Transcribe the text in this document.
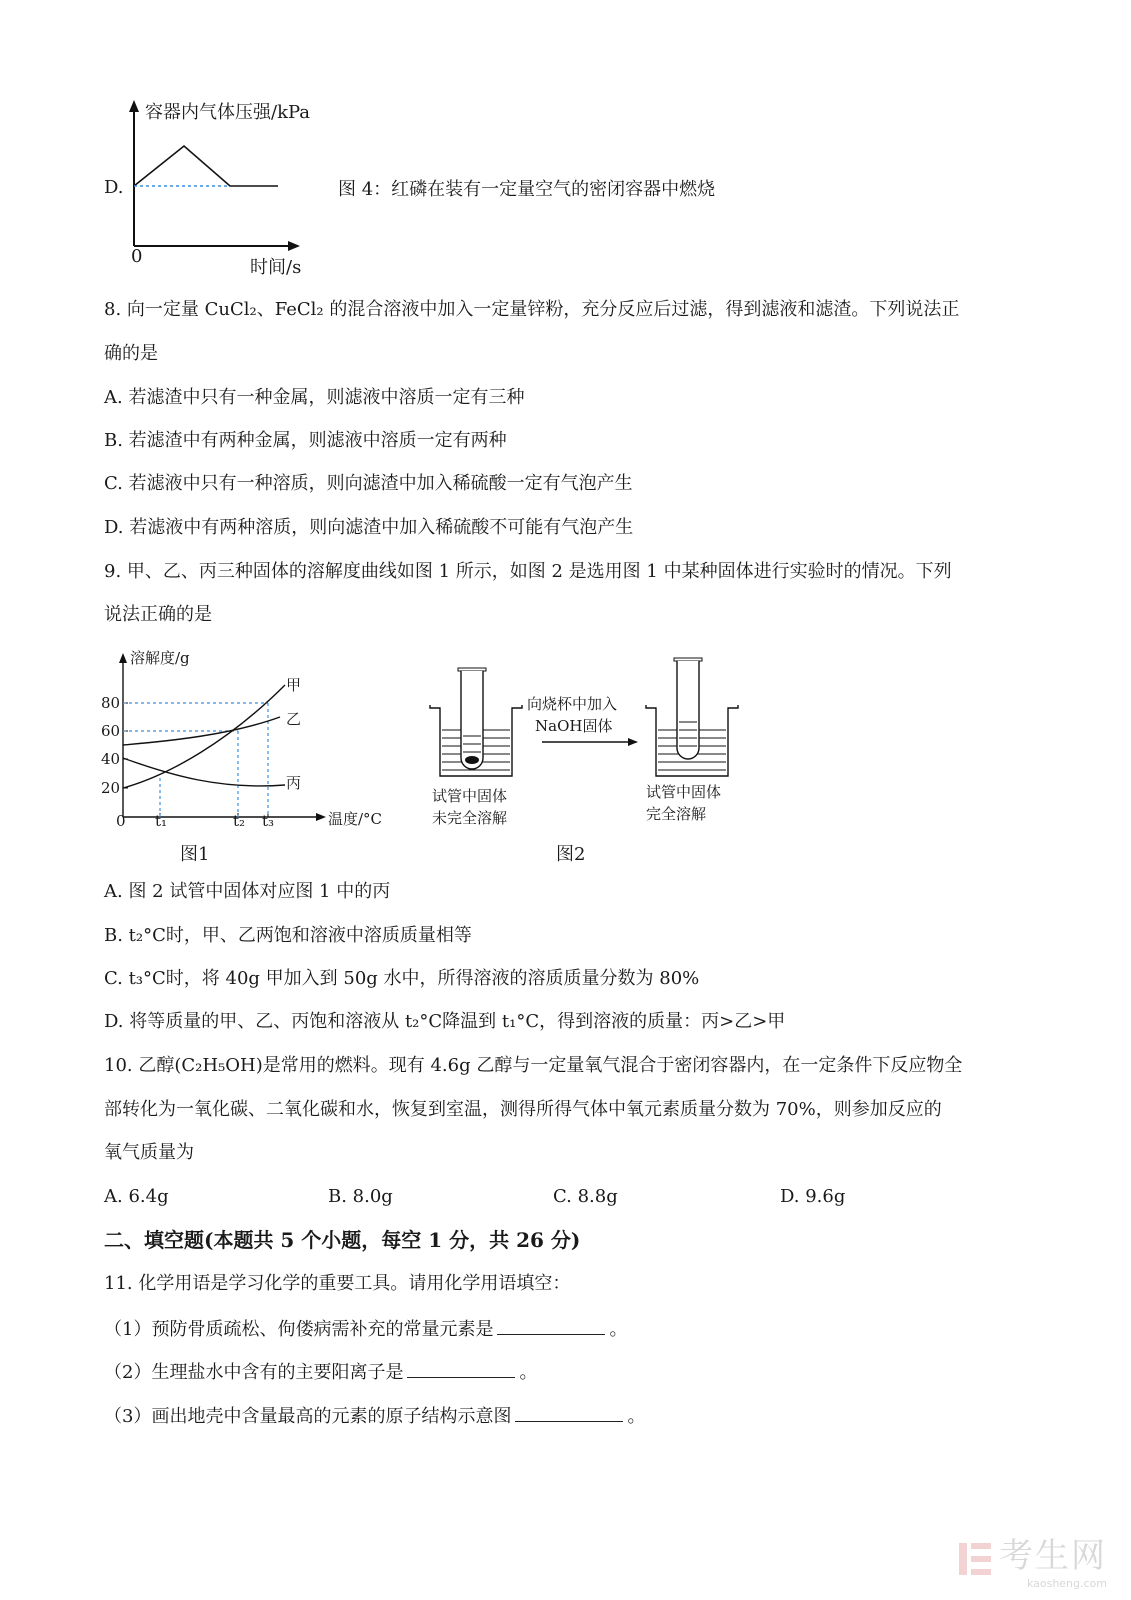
D.
容器内气体压强/kPa
0
时间/s
图 4：红磷在装有一定量空气的密闭容器中燃烧
8. 向一定量 CuCl₂、FeCl₂ 的混合溶液中加入一定量锌粉，充分反应后过滤，得到滤液和滤渣。下列说法正
确的是
A. 若滤渣中只有一种金属，则滤液中溶质一定有三种
B. 若滤渣中有两种金属，则滤液中溶质一定有两种
C. 若滤液中只有一种溶质，则向滤渣中加入稀硫酸一定有气泡产生
D. 若滤液中有两种溶质，则向滤渣中加入稀硫酸不可能有气泡产生
9. 甲、乙、丙三种固体的溶解度曲线如图 1 所示，如图 2 是选用图 1 中某种固体进行实验时的情况。下列
说法正确的是
溶解度/g
80
60
40
20
0 t₁	t₂ t₃	温度/°C
甲
乙
丙
图1
向烧杯中加入
NaOH固体
试管中固体
未完全溶解
试管中固体
完全溶解
图2
A. 图 2 试管中固体对应图 1 中的丙
B. t₂°C时，甲、乙两饱和溶液中溶质质量相等
C. t₃°C时，将 40g 甲加入到 50g 水中，所得溶液的溶质质量分数为 80%
D. 将等质量的甲、乙、丙饱和溶液从 t₂°C降温到 t₁°C，得到溶液的质量：丙>乙>甲
10. 乙醇(C₂H₅OH)是常用的燃料。现有 4.6g 乙醇与一定量氧气混合于密闭容器内，在一定条件下反应物全
部转化为一氧化碳、二氧化碳和水，恢复到室温，测得所得气体中氧元素质量分数为 70%，则参加反应的
氧气质量为
A. 6.4g	B. 8.0g	C. 8.8g	D. 9.6g
二、填空题(本题共 5 个小题，每空 1 分，共 26 分)
11. 化学用语是学习化学的重要工具。请用化学用语填空：
（1）预防骨质疏松、佝偻病需补充的常量元素是	。
（2）生理盐水中含有的主要阳离子是	。
（3）画出地壳中含量最高的元素的原子结构示意图	。
考生网
kaosheng.com
